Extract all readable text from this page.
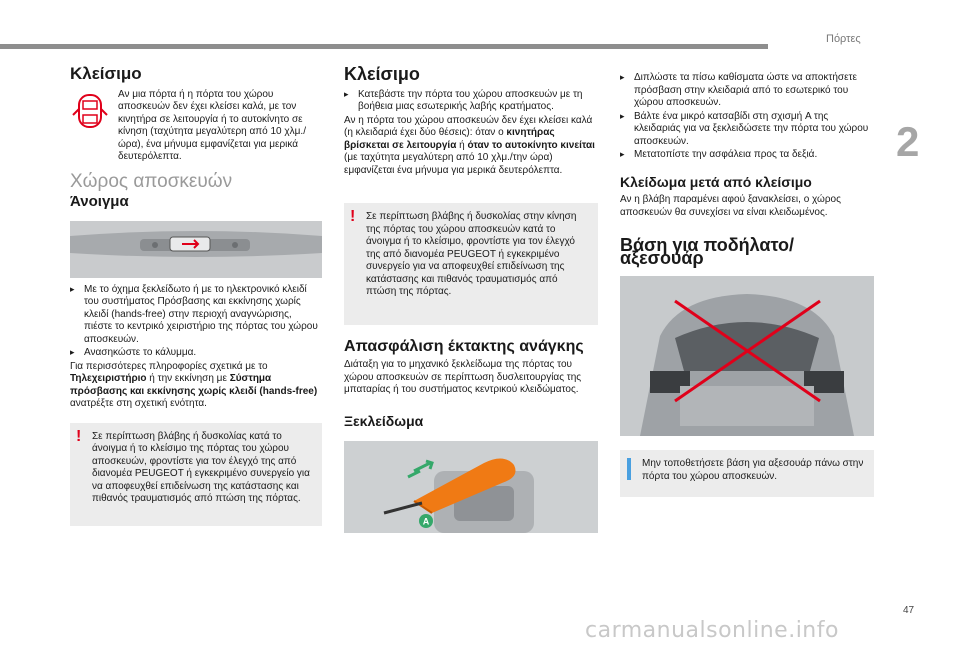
Πόρτες
2
47
Κλείσιμο
Αν μια πόρτα ή η πόρτα του χώρου αποσκευών δεν έχει κλείσει καλά, με τον κινητήρα σε λειτουργία ή το αυτοκίνητο σε κίνηση (ταχύτητα μεγαλύτερη από 10 χλμ./ώρα), ένα μήνυμα εμφανίζεται για μερικά δευτερόλεπτα.
Χώρος αποσκευών
Άνοιγμα
▸ Με το όχημα ξεκλείδωτο ή με το ηλεκτρονικό κλειδί του συστήματος Πρόσβασης και εκκίνησης χωρίς κλειδί (hands-free) στην περιοχή αναγνώρισης, πιέστε το κεντρικό χειριστήριο της πόρτας του χώρου αποσκευών.
▸ Ανασηκώστε το κάλυμμα.
Για περισσότερες πληροφορίες σχετικά με το Τηλεχειριστήριο ή την εκκίνηση με Σύστημα πρόσβασης και εκκίνησης χωρίς κλειδί (hands-free) ανατρέξτε στη σχετική ενότητα.
! Σε περίπτωση βλάβης ή δυσκολίας κατά το άνοιγμα ή το κλείσιμο της πόρτας του χώρου αποσκευών, φροντίστε για τον έλεγχό της από διανομέα PEUGEOT ή εγκεκριμένο συνεργείο για να αποφευχθεί επιδείνωση της κατάστασης και πιθανός τραυματισμός από πτώση της πόρτας.
Κλείσιμο
▸ Κατεβάστε την πόρτα του χώρου αποσκευών με τη βοήθεια μιας εσωτερικής λαβής κρατήματος.
Αν η πόρτα του χώρου αποσκευών δεν έχει κλείσει καλά (η κλειδαριά έχει δύο θέσεις): όταν ο κινητήρας βρίσκεται σε λειτουργία ή όταν το αυτοκίνητο κινείται (με ταχύτητα μεγαλύτερη από 10 χλμ./την ώρα) εμφανίζεται ένα μήνυμα για μερικά δευτερόλεπτα.
! Σε περίπτωση βλάβης ή δυσκολίας στην κίνηση της πόρτας του χώρου αποσκευών κατά το άνοιγμα ή το κλείσιμο, φροντίστε για τον έλεγχό της από διανομέα PEUGEOT ή εγκεκριμένο συνεργείο για να αποφευχθεί επιδείνωση της κατάστασης και πιθανός τραυματισμός από πτώση της πόρτας.
Απασφάλιση έκτακτης ανάγκης
Διάταξη για το μηχανικό ξεκλείδωμα της πόρτας του χώρου αποσκευών σε περίπτωση δυσλειτουργίας της μπαταρίας ή του συστήματος κεντρικού κλειδώματος.
Ξεκλείδωμα
A
▸ Διπλώστε τα πίσω καθίσματα ώστε να αποκτήσετε πρόσβαση στην κλειδαριά από το εσωτερικό του χώρου αποσκευών.
▸ Βάλτε ένα μικρό κατσαβίδι στη σχισμή A της κλειδαριάς για να ξεκλειδώσετε την πόρτα του χώρου αποσκευών.
▸ Μετατοπίστε την ασφάλεια προς τα δεξιά.
Κλείδωμα μετά από κλείσιμο
Αν η βλάβη παραμένει αφού ξανακλείσει, ο χώρος αποσκευών θα συνεχίσει να είναι κλειδωμένος.
Βάση για ποδήλατο/αξεσουάρ
Μην τοποθετήσετε βάση για αξεσουάρ πάνω στην πόρτα του χώρου αποσκευών.
carmanualsonline.info
